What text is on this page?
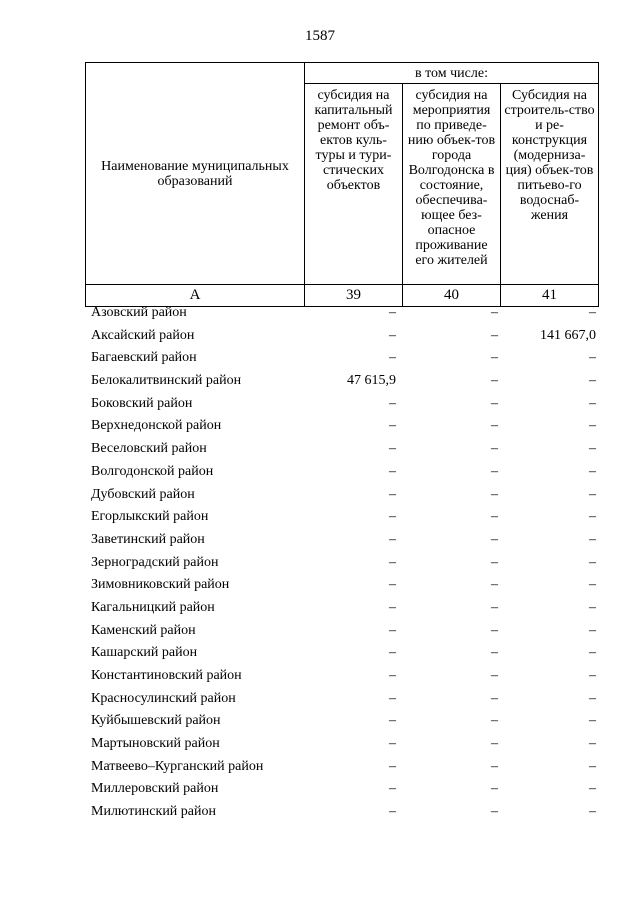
1587
Наименование муниципальных образований	в том числе:		

	субсидия на капитальный ремонт объ-ектов куль-туры и тури-стических объектов	субсидия на мероприятия по приведе-нию объек-тов города Волгодонска в состояние, обеспечива-ющее без-опасное проживание его жителей	Субсидия на строитель-ство и ре-конструкция (модерниза-ция) объек-тов питьево-го водоснаб-жения

А	39	40	41
Азовский район	–	–	–
Аксайский район	–	–	141 667,0
Багаевский район	–	–	–
Белокалитвинский район	47 615,9	–	–
Боковский район	–	–	–
Верхнедонской район	–	–	–
Веселовский район	–	–	–
Волгодонской район	–	–	–
Дубовский район	–	–	–
Егорлыкский район	–	–	–
Заветинский район	–	–	–
Зерноградский район	–	–	–
Зимовниковский район	–	–	–
Кагальницкий район	–	–	–
Каменский район	–	–	–
Кашарский район	–	–	–
Константиновский район	–	–	–
Красносулинский район	–	–	–
Куйбышевский район	–	–	–
Мартыновский район	–	–	–
Матвеево–Курганский район	–	–	–
Миллеровский район	–	–	–
Милютинский район	–	–	–
